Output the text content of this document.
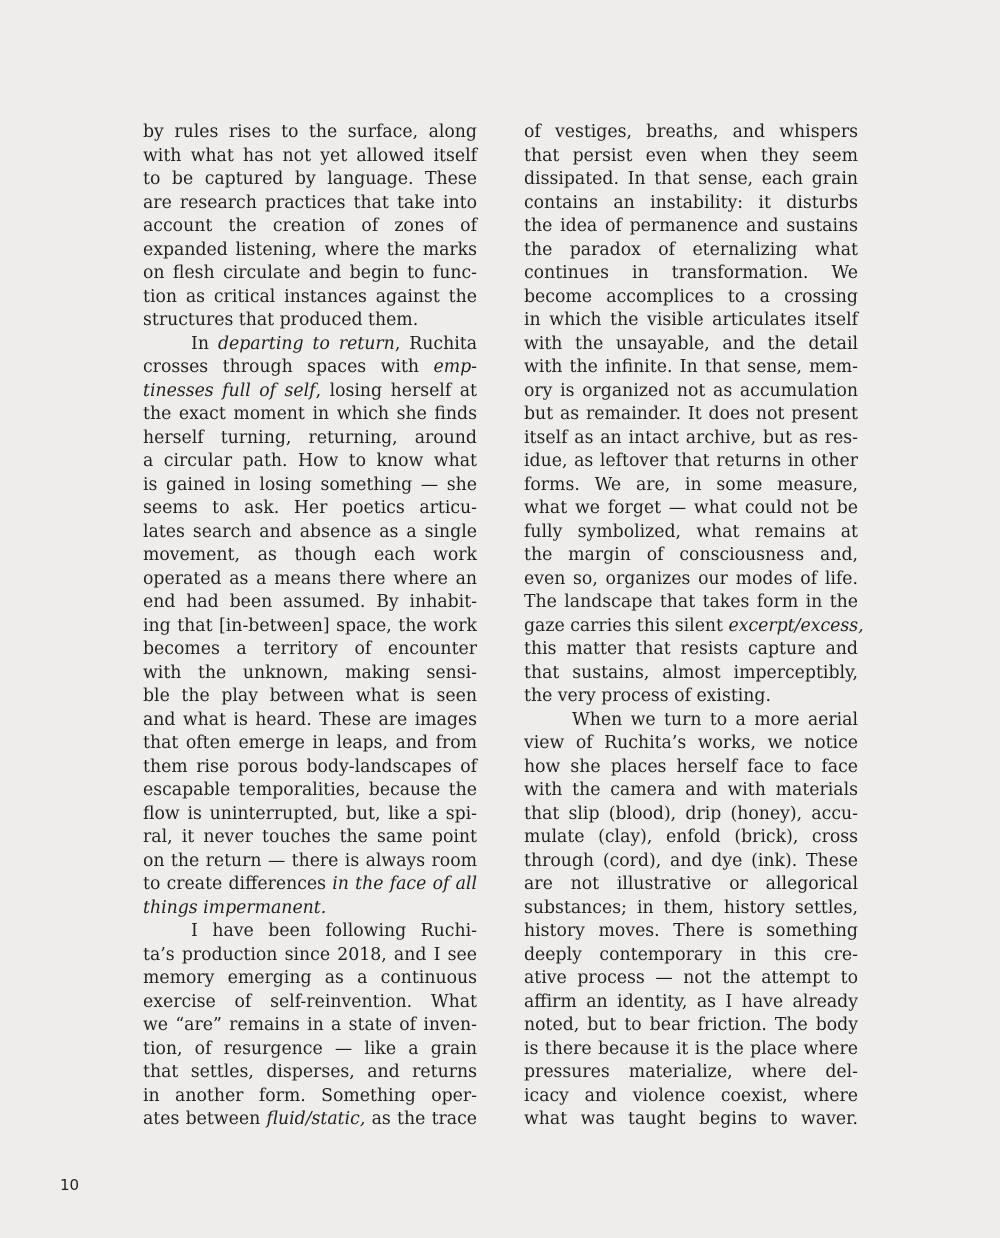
by rules rises to the surface, along
with what has not yet allowed itself
to be captured by language. These
are research practices that take into
account the creation of zones of
expanded listening, where the marks
on flesh circulate and begin to func-
tion as critical instances against the
structures that produced them.

In departing to return, Ruchita
crosses through spaces with emp-
tinesses full of self, losing herself at
the exact moment in which she finds
herself turning, returning, around
a circular path. How to know what
is gained in losing something — she
seems to ask. Her poetics articu-
lates search and absence as a single
movement, as though each work
operated as a means there where an
end had been assumed. By inhabit-
ing that [in-between] space, the work
becomes a territory of encounter
with the unknown, making sensi-
ble the play between what is seen
and what is heard. These are images
that often emerge in leaps, and from
them rise porous body-landscapes of
escapable temporalities, because the
flow is uninterrupted, but, like a spi-
ral, it never touches the same point
on the return — there is always room
to create differences in the face of all
things impermanent.

I have been following Ruchi-
ta’s production since 2018, and I see
memory emerging as a continuous
exercise of self-reinvention. What
we “are” remains in a state of inven-
tion, of resurgence — like a grain
that settles, disperses, and returns
in another form. Something oper-
ates between fluid/static, as the trace

of vestiges, breaths, and whispers
that persist even when they seem
dissipated. In that sense, each grain
contains an instability: it disturbs
the idea of permanence and sustains
the paradox of eternalizing what
continues in transformation. We
become accomplices to a crossing
in which the visible articulates itself
with the unsayable, and the detail
with the infinite. In that sense, mem-
ory is organized not as accumulation
but as remainder. It does not present
itself as an intact archive, but as res-
idue, as leftover that returns in other
forms. We are, in some measure,
what we forget — what could not be
fully symbolized, what remains at
the margin of consciousness and,
even so, organizes our modes of life.
The landscape that takes form in the
gaze carries this silent excerpt/excess,
this matter that resists capture and
that sustains, almost imperceptibly,
the very process of existing.

When we turn to a more aerial
view of Ruchita’s works, we notice
how she places herself face to face
with the camera and with materials
that slip (blood), drip (honey), accu-
mulate (clay), enfold (brick), cross
through (cord), and dye (ink). These
are not illustrative or allegorical
substances; in them, history settles,
history moves. There is something
deeply contemporary in this cre-
ative process — not the attempt to
affirm an identity, as I have already
noted, but to bear friction. The body
is there because it is the place where
pressures materialize, where del-
icacy and violence coexist, where
what was taught begins to waver.

10
